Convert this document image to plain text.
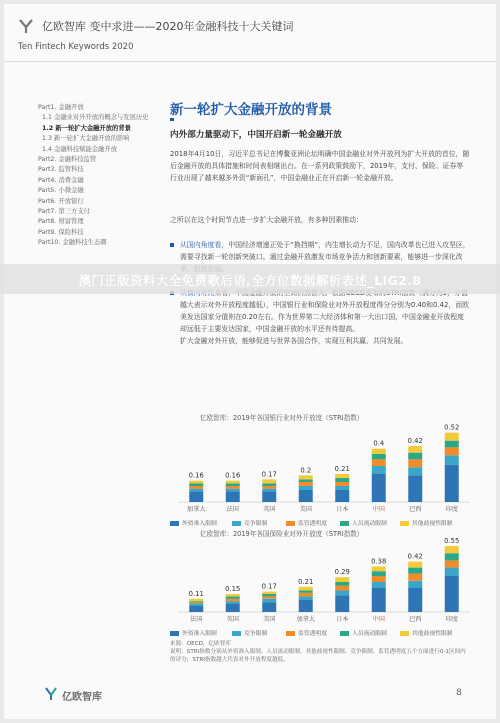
亿欧智库 变中求进——2020年金融科技十大关键词
Ten Fintech Keywords 2020
Part1. 金融开放
1.1 金融业对外开放的概念与发展历史
1.2 新一轮扩大金融开放的背景
1.3 新一轮扩大金融开放的影响
1.4 金融科技赋能金融开放
Part2. 金融科技监管
Part3. 监管科技
Part4. 消费金融
Part5. 小微金融
Part6. 开放银行
Part7. 第三方支付
Part8. 财富管理
Part9. 保险科技
Part10. 金融科技生态圈
新一轮扩大金融开放的背景
内外部力量驱动下，中国开启新一轮金融开放
2018年4月10日，习近平总书记在博鳌亚洲论坛明确中国金融业对外开放列为扩大开放的首位，随后金融开放的具体措施和时间表相继出台。在一系列政策鼓励下，2019年，支付、保险、证券等行业出现了越来越多外资“新面孔”，中国金融业正在开启新一轮金融开放。
之所以在这个时间节点进一步扩大金融开放，有多种因素推动：
从国内角度看，中国经济增速正处于“换挡期”，内生增长动力不足，国内改革也已进入攻坚区，需要寻找新一轮创新突破口。通过金融开放激发市场竞争活力和创新要素，能够进一步深化改
越大表示对外开放程度越低），中国银行业和保险业对外开放程度得分分别为0.40和0.42，而欧美发达国家分值则在0.20左右。作为世界第二大经济体和第一大出口国，中国金融业开放程度却远低于主要发达国家，中国金融开放的水平还有待提高。
扩大金融对外开放，能够促进与世界各国合作，实现互利共赢、共同发展。
亿欧智库：2019年各国银行业对外开放度（STRI指数）
0.16
加拿大
0.16
法国
0.17
英国
0.2
美国
0.21
日本
0.4
中国
0.42
巴西
0.52
印度
外资准入限制	竞争限制	监管透明度	人员流动限制	其他歧视性限制
亿欧智库：2019年各国保险业对外开放度（STRI指数）
0.11
法国
0.15
英国
0.17
美国
0.21
加拿大
0.29
日本
0.38
中国
0.42
巴西
0.55
印度
外资准入限制	竞争限制	监管透明度	人员流动限制	其他歧视性限制
来源：OECD，亿欧智库
说明：STRI指数分别从外资准入限制、人员流动限制、其他歧视性限制、竞争限制、监管透明度五个方面进行0-1区间内的评分，STRI指数越大代表对外开放程度越低。
亿欧智库	8
澳门正版资料大全免费歌后语,全方位数据解析表述_LIG2.8
